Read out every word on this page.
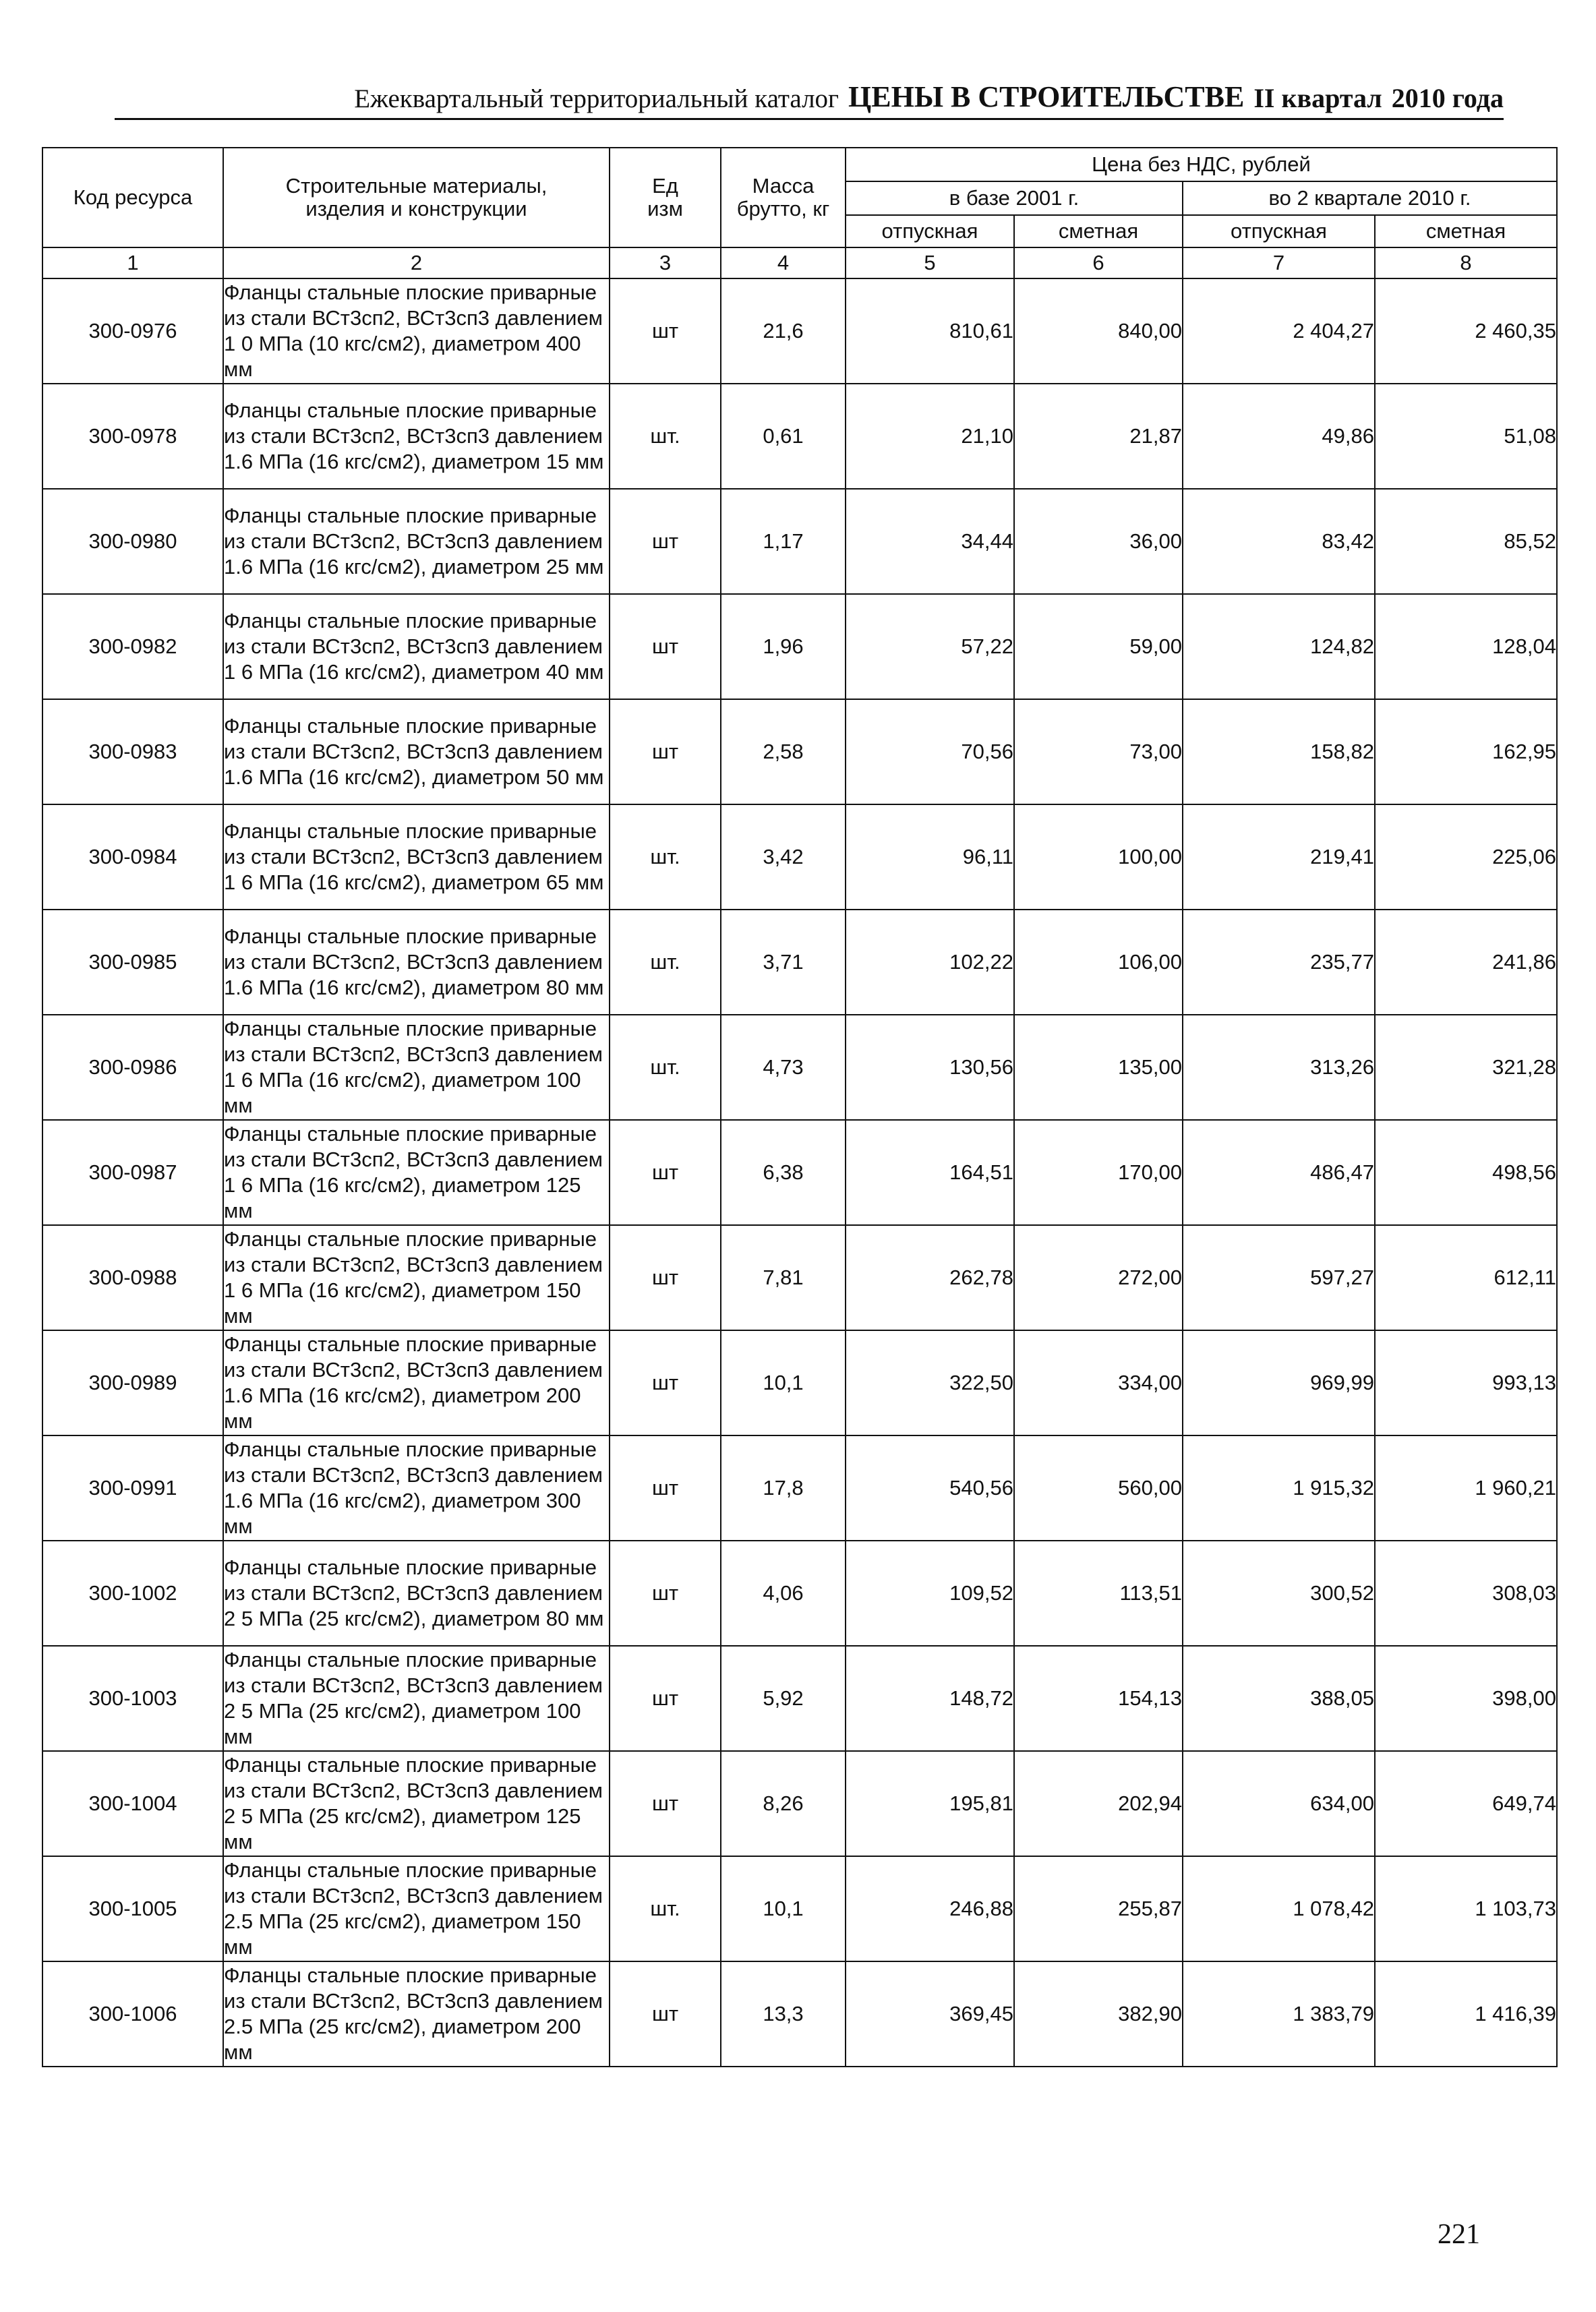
Ежеквартальный территориальный каталог ЦЕНЫ В СТРОИТЕЛЬСТВЕ II квартал 2010 года
Код ресурса	Строительные материалы, изделия и конструкции	Ед изм	Масса брутто, кг	Цена без НДС, рублей			
				в базе 2001 г.		во 2 квартале 2010 г.	
				отпускная	сметная	отпускная	сметная
1	2	3	4	5	6	7	8
300-0976	Фланцы стальные плоские приварные из стали ВСт3сп2, ВСт3сп3 давлением 1 0 МПа (10 кгс/см2), диаметром 400 мм	шт	21,6	810,61	840,00	2 404,27	2 460,35
300-0978	Фланцы стальные плоские приварные из стали ВСт3сп2, ВСт3сп3 давлением 1.6 МПа (16 кгс/см2), диаметром 15 мм	шт.	0,61	21,10	21,87	49,86	51,08
300-0980	Фланцы стальные плоские приварные из стали ВСт3сп2, ВСт3сп3 давлением 1.6 МПа (16 кгс/см2), диаметром 25 мм	шт	1,17	34,44	36,00	83,42	85,52
300-0982	Фланцы стальные плоские приварные из стали ВСт3сп2, ВСт3сп3 давлением 1 6 МПа (16 кгс/см2), диаметром 40 мм	шт	1,96	57,22	59,00	124,82	128,04
300-0983	Фланцы стальные плоские приварные из стали ВСт3сп2, ВСт3сп3 давлением 1.6 МПа (16 кгс/см2), диаметром 50 мм	шт	2,58	70,56	73,00	158,82	162,95
300-0984	Фланцы стальные плоские приварные из стали ВСт3сп2, ВСт3сп3 давлением 1 6 МПа (16 кгс/см2), диаметром 65 мм	шт.	3,42	96,11	100,00	219,41	225,06
300-0985	Фланцы стальные плоские приварные из стали ВСт3сп2, ВСт3сп3 давлением 1.6 МПа (16 кгс/см2), диаметром 80 мм	шт.	3,71	102,22	106,00	235,77	241,86
300-0986	Фланцы стальные плоские приварные из стали ВСт3сп2, ВСт3сп3 давлением 1 6 МПа (16 кгс/см2), диаметром 100 мм	шт.	4,73	130,56	135,00	313,26	321,28
300-0987	Фланцы стальные плоские приварные из стали ВСт3сп2, ВСт3сп3 давлением 1 6 МПа (16 кгс/см2), диаметром 125 мм	шт	6,38	164,51	170,00	486,47	498,56
300-0988	Фланцы стальные плоские приварные из стали ВСт3сп2, ВСт3сп3 давлением 1 6 МПа (16 кгс/см2), диаметром 150 мм	шт	7,81	262,78	272,00	597,27	612,11
300-0989	Фланцы стальные плоские приварные из стали ВСт3сп2, ВСт3сп3 давлением 1.6 МПа (16 кгс/см2), диаметром 200 мм	шт	10,1	322,50	334,00	969,99	993,13
300-0991	Фланцы стальные плоские приварные из стали ВСт3сп2, ВСт3сп3 давлением 1.6 МПа (16 кгс/см2), диаметром 300 мм	шт	17,8	540,56	560,00	1 915,32	1 960,21
300-1002	Фланцы стальные плоские приварные из стали ВСт3сп2, ВСт3сп3 давлением 2 5 МПа (25 кгс/см2), диаметром 80 мм	шт	4,06	109,52	113,51	300,52	308,03
300-1003	Фланцы стальные плоские приварные из стали ВСт3сп2, ВСт3сп3 давлением 2 5 МПа (25 кгс/см2), диаметром 100 мм	шт	5,92	148,72	154,13	388,05	398,00
300-1004	Фланцы стальные плоские приварные из стали ВСт3сп2, ВСт3сп3 давлением 2 5 МПа (25 кгс/см2), диаметром 125 мм	шт	8,26	195,81	202,94	634,00	649,74
300-1005	Фланцы стальные плоские приварные из стали ВСт3сп2, ВСт3сп3 давлением 2.5 МПа (25 кгс/см2), диаметром 150 мм	шт.	10,1	246,88	255,87	1 078,42	1 103,73
300-1006	Фланцы стальные плоские приварные из стали ВСт3сп2, ВСт3сп3 давлением 2.5 МПа (25 кгс/см2), диаметром 200 мм	шт	13,3	369,45	382,90	1 383,79	1 416,39
221
